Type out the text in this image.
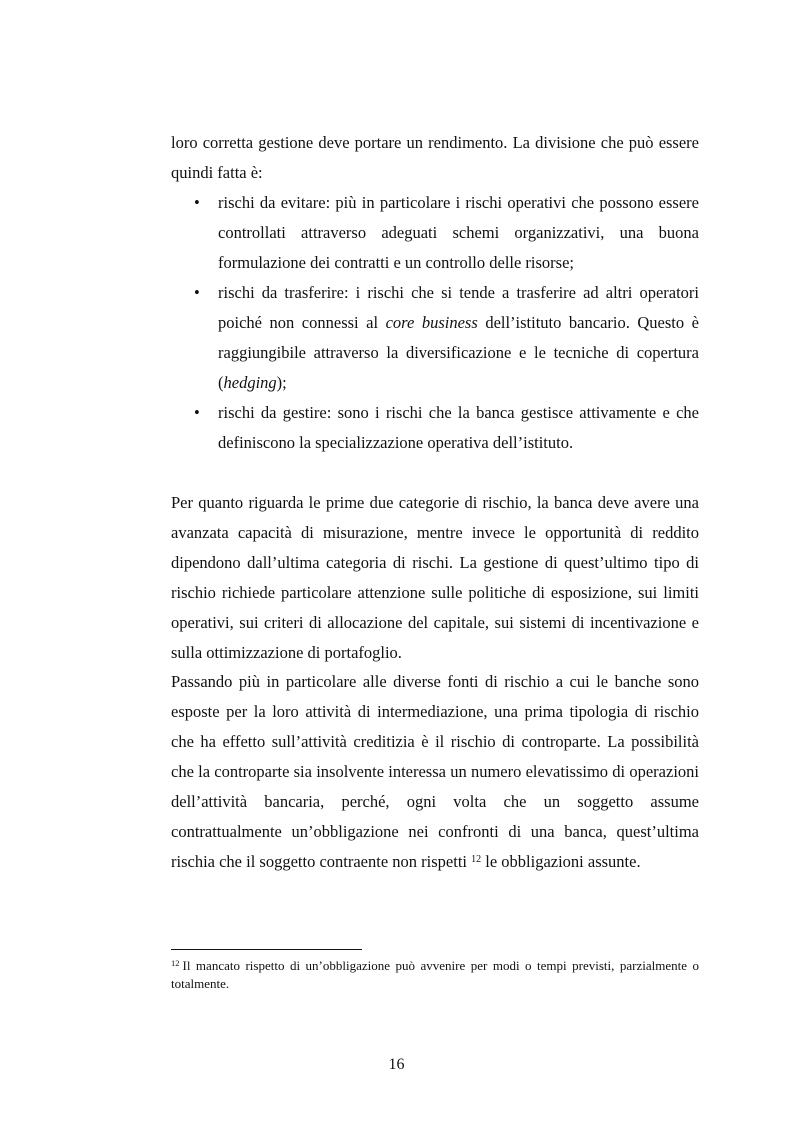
loro corretta gestione deve portare un rendimento. La divisione che può essere quindi fatta è:
• rischi da evitare: più in particolare i rischi operativi che possono essere controllati attraverso adeguati schemi organizzativi, una buona formulazione dei contratti e un controllo delle risorse;
• rischi da trasferire: i rischi che si tende a trasferire ad altri operatori poiché non connessi al core business dell’istituto bancario. Questo è raggiungibile attraverso la diversificazione e le tecniche di copertura (hedging);
• rischi da gestire: sono i rischi che la banca gestisce attivamente e che definiscono la specializzazione operativa dell’istituto.
Per quanto riguarda le prime due categorie di rischio, la banca deve avere una avanzata capacità di misurazione, mentre invece le opportunità di reddito dipendono dall’ultima categoria di rischi. La gestione di quest’ultimo tipo di rischio richiede particolare attenzione sulle politiche di esposizione, sui limiti operativi, sui criteri di allocazione del capitale, sui sistemi di incentivazione e sulla ottimizzazione di portafoglio.
Passando più in particolare alle diverse fonti di rischio a cui le banche sono esposte per la loro attività di intermediazione, una prima tipologia di rischio che ha effetto sull’attività creditizia è il rischio di controparte. La possibilità che la controparte sia insolvente interessa un numero elevatissimo di operazioni dell’attività bancaria, perché, ogni volta che un soggetto assume contrattualmente un’obbligazione nei confronti di una banca, quest’ultima rischia che il soggetto contraente non rispetti $^{12}$ le obbligazioni assunte.
$^{12}$ Il mancato rispetto di un’obbligazione può avvenire per modi o tempi previsti, parzialmente o totalmente.
16
